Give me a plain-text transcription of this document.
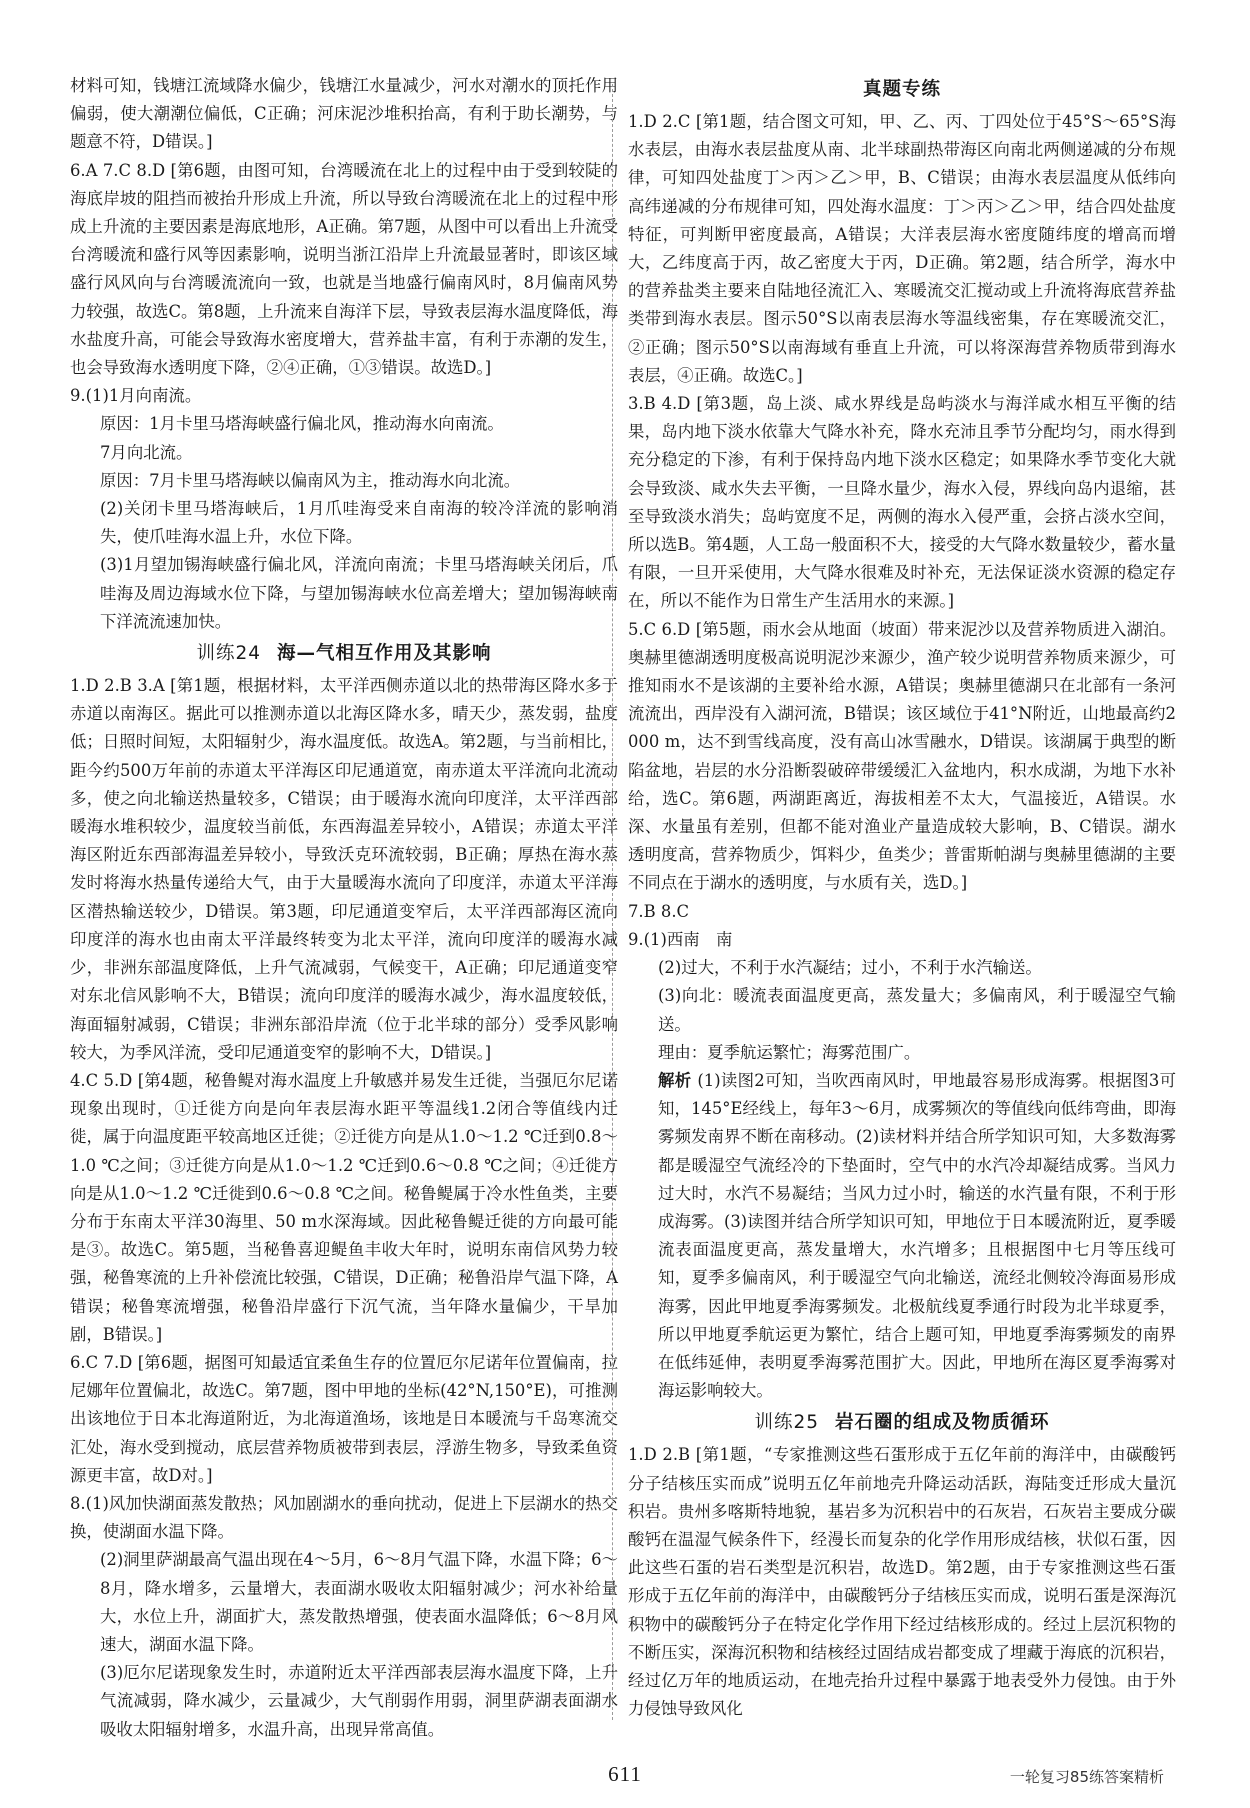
材料可知，钱塘江流域降水偏少，钱塘江水量减少，河水对潮水的顶托作用偏弱，使大潮潮位偏低，C正确；河床泥沙堆积抬高，有利于助长潮势，与题意不符，D错误。]

6.A 7.C 8.D [第6题，由图可知，台湾暖流在北上的过程中由于受到较陡的海底岸坡的阻挡而被抬升形成上升流，所以导致台湾暖流在北上的过程中形成上升流的主要因素是海底地形，A正确。第7题，从图中可以看出上升流受台湾暖流和盛行风等因素影响，说明当浙江沿岸上升流最显著时，即该区域盛行风风向与台湾暖流流向一致，也就是当地盛行偏南风时，8月偏南风势力较强，故选C。第8题，上升流来自海洋下层，导致表层海水温度降低，海水盐度升高，可能会导致海水密度增大，营养盐丰富，有利于赤潮的发生，也会导致海水透明度下降，②④正确，①③错误。故选D。]

9.(1)1月向南流。

原因：1月卡里马塔海峡盛行偏北风，推动海水向南流。

7月向北流。

原因：7月卡里马塔海峡以偏南风为主，推动海水向北流。

(2)关闭卡里马塔海峡后，1月爪哇海受来自南海的较冷洋流的影响消失，使爪哇海水温上升，水位下降。

(3)1月望加锡海峡盛行偏北风，洋流向南流；卡里马塔海峡关闭后，爪哇海及周边海域水位下降，与望加锡海峡水位高差增大；望加锡海峡南下洋流流速加快。

训练24 海—气相互作用及其影响

1.D 2.B 3.A [第1题，根据材料，太平洋西侧赤道以北的热带海区降水多于赤道以南海区。据此可以推测赤道以北海区降水多，晴天少，蒸发弱，盐度低；日照时间短，太阳辐射少，海水温度低。故选A。第2题，与当前相比，距今约500万年前的赤道太平洋海区印尼通道宽，南赤道太平洋流向北流动多，使之向北输送热量较多，C错误；由于暖海水流向印度洋，太平洋西部暖海水堆积较少，温度较当前低，东西海温差异较小，A错误；赤道太平洋海区附近东西部海温差异较小，导致沃克环流较弱，B正确；厚热在海水蒸发时将海水热量传递给大气，由于大量暖海水流向了印度洋，赤道太平洋海区潜热输送较少，D错误。第3题，印尼通道变窄后，太平洋西部海区流向印度洋的海水也由南太平洋最终转变为北太平洋，流向印度洋的暖海水减少，非洲东部温度降低，上升气流减弱，气候变干，A正确；印尼通道变窄对东北信风影响不大，B错误；流向印度洋的暖海水减少，海水温度较低，海面辐射减弱，C错误；非洲东部沿岸流（位于北半球的部分）受季风影响较大，为季风洋流，受印尼通道变窄的影响不大，D错误。]

4.C 5.D [第4题，秘鲁鳀对海水温度上升敏感并易发生迁徙，当强厄尔尼诺现象出现时，①迁徙方向是向年表层海水距平等温线1.2闭合等值线内迁徙，属于向温度距平较高地区迁徙；②迁徙方向是从1.0～1.2 ℃迁到0.8～1.0 ℃之间；③迁徙方向是从1.0～1.2 ℃迁到0.6～0.8 ℃之间；④迁徙方向是从1.0～1.2 ℃迁徙到0.6～0.8 ℃之间。秘鲁鳀属于冷水性鱼类，主要分布于东南太平洋30海里、50 m水深海域。因此秘鲁鳀迁徙的方向最可能是③。故选C。第5题，当秘鲁喜迎鳀鱼丰收大年时，说明东南信风势力较强，秘鲁寒流的上升补偿流比较强，C错误，D正确；秘鲁沿岸气温下降，A错误；秘鲁寒流增强，秘鲁沿岸盛行下沉气流，当年降水量偏少，干旱加剧，B错误。]

6.C 7.D [第6题，据图可知最适宜柔鱼生存的位置厄尔尼诺年位置偏南，拉尼娜年位置偏北，故选C。第7题，图中甲地的坐标(42°N,150°E)，可推测出该地位于日本北海道附近，为北海道渔场，该地是日本暖流与千岛寒流交汇处，海水受到搅动，底层营养物质被带到表层，浮游生物多，导致柔鱼资源更丰富，故D对。]

8.(1)风加快湖面蒸发散热；风加剧湖水的垂向扰动，促进上下层湖水的热交换，使湖面水温下降。

(2)洞里萨湖最高气温出现在4～5月，6～8月气温下降，水温下降；6～8月，降水增多，云量增大，表面湖水吸收太阳辐射减少；河水补给量大，水位上升，湖面扩大，蒸发散热增强，使表面水温降低；6～8月风速大，湖面水温下降。

(3)厄尔尼诺现象发生时，赤道附近太平洋西部表层海水温度下降，上升气流减弱，降水减少，云量减少，大气削弱作用弱，洞里萨湖表面湖水吸收太阳辐射增多，水温升高，出现异常高值。

真题专练

1.D 2.C [第1题，结合图文可知，甲、乙、丙、丁四处位于45°S～65°S海水表层，由海水表层盐度从南、北半球副热带海区向南北两侧递减的分布规律，可知四处盐度丁＞丙＞乙＞甲，B、C错误；由海水表层温度从低纬向高纬递减的分布规律可知，四处海水温度：丁＞丙＞乙＞甲，结合四处盐度特征，可判断甲密度最高，A错误；大洋表层海水密度随纬度的增高而增大，乙纬度高于丙，故乙密度大于丙，D正确。第2题，结合所学，海水中的营养盐类主要来自陆地径流汇入、寒暖流交汇搅动或上升流将海底营养盐类带到海水表层。图示50°S以南表层海水等温线密集，存在寒暖流交汇，②正确；图示50°S以南海域有垂直上升流，可以将深海营养物质带到海水表层，④正确。故选C。]

3.B 4.D [第3题，岛上淡、咸水界线是岛屿淡水与海洋咸水相互平衡的结果，岛内地下淡水依靠大气降水补充，降水充沛且季节分配均匀，雨水得到充分稳定的下渗，有利于保持岛内地下淡水区稳定；如果降水季节变化大就会导致淡、咸水失去平衡，一旦降水量少，海水入侵，界线向岛内退缩，甚至导致淡水消失；岛屿宽度不足，两侧的海水入侵严重，会挤占淡水空间，所以选B。第4题，人工岛一般面积不大，接受的大气降水数量较少，蓄水量有限，一旦开采使用，大气降水很难及时补充，无法保证淡水资源的稳定存在，所以不能作为日常生产生活用水的来源。]

5.C 6.D [第5题，雨水会从地面（坡面）带来泥沙以及营养物质进入湖泊。奥赫里德湖透明度极高说明泥沙来源少，渔产较少说明营养物质来源少，可推知雨水不是该湖的主要补给水源，A错误；奥赫里德湖只在北部有一条河流流出，西岸没有入湖河流，B错误；该区域位于41°N附近，山地最高约2 000 m，达不到雪线高度，没有高山冰雪融水，D错误。该湖属于典型的断陷盆地，岩层的水分沿断裂破碎带缓缓汇入盆地内，积水成湖，为地下水补给，选C。第6题，两湖距离近，海拔相差不太大，气温接近，A错误。水深、水量虽有差别，但都不能对渔业产量造成较大影响，B、C错误。湖水透明度高，营养物质少，饵料少，鱼类少；普雷斯帕湖与奥赫里德湖的主要不同点在于湖水的透明度，与水质有关，选D。]

7.B 8.C

9.(1)西南　南

(2)过大，不利于水汽凝结；过小，不利于水汽输送。

(3)向北：暖流表面温度更高，蒸发量大；多偏南风，利于暖湿空气输送。

理由：夏季航运繁忙；海雾范围广。

解析 (1)读图2可知，当吹西南风时，甲地最容易形成海雾。根据图3可知，145°E经线上，每年3～6月，成雾频次的等值线向低纬弯曲，即海雾频发南界不断在南移动。(2)读材料并结合所学知识可知，大多数海雾都是暖湿空气流经冷的下垫面时，空气中的水汽冷却凝结成雾。当风力过大时，水汽不易凝结；当风力过小时，输送的水汽量有限，不利于形成海雾。(3)读图并结合所学知识可知，甲地位于日本暖流附近，夏季暖流表面温度更高，蒸发量增大，水汽增多；且根据图中七月等压线可知，夏季多偏南风，利于暖湿空气向北输送，流经北侧较冷海面易形成海雾，因此甲地夏季海雾频发。北极航线夏季通行时段为北半球夏季，所以甲地夏季航运更为繁忙，结合上题可知，甲地夏季海雾频发的南界在低纬延伸，表明夏季海雾范围扩大。因此，甲地所在海区夏季海雾对海运影响较大。

训练25 岩石圈的组成及物质循环

1.D 2.B [第1题，“专家推测这些石蛋形成于五亿年前的海洋中，由碳酸钙分子结核压实而成”说明五亿年前地壳升降运动活跃，海陆变迁形成大量沉积岩。贵州多喀斯特地貌，基岩多为沉积岩中的石灰岩，石灰岩主要成分碳酸钙在温湿气候条件下，经漫长而复杂的化学作用形成结核，状似石蛋，因此这些石蛋的岩石类型是沉积岩，故选D。第2题，由于专家推测这些石蛋形成于五亿年前的海洋中，由碳酸钙分子结核压实而成，说明石蛋是深海沉积物中的碳酸钙分子在特定化学作用下经过结核形成的。经过上层沉积物的不断压实，深海沉积物和结核经过固结成岩都变成了埋藏于海底的沉积岩，经过亿万年的地质运动，在地壳抬升过程中暴露于地表受外力侵蚀。由于外力侵蚀导致风化

611	一轮复习85练答案精析
